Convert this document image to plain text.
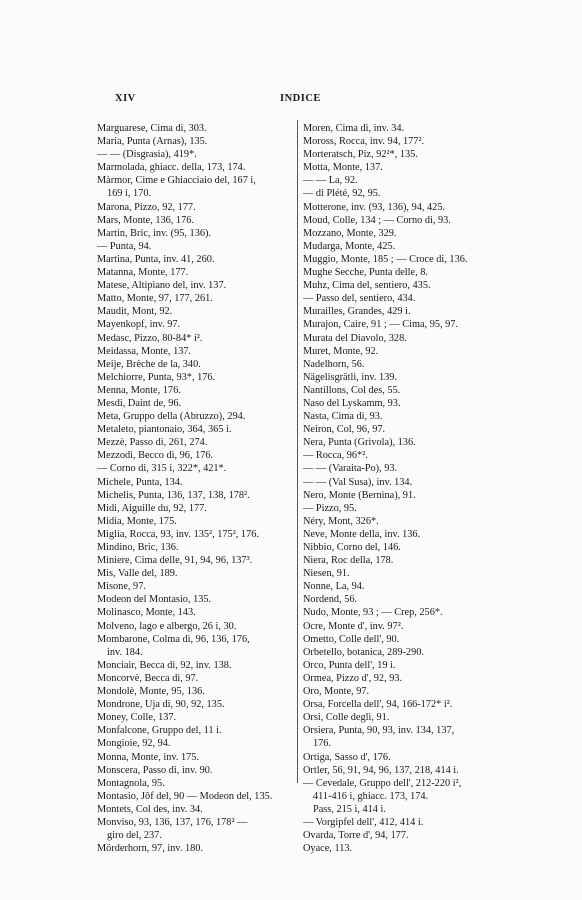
XIV	INDICE
Marguarese, Cima di, 303.
Maria, Punta (Arnas), 135.
— — (Disgrasia), 419*.
Marmolada, ghiacc. della, 173, 174.
Màrmor, Cime e Ghiacciaio del, 167 i,
169 i, 170.
Marona, Pizzo, 92, 177.
Mars, Monte, 136, 176.
Martin, Bric, inv. (95, 136).
— Punta, 94.
Martina, Punta, inv. 41, 260.
Matanna, Monte, 177.
Matese, Altipiano del, inv. 137.
Matto, Monte, 97, 177, 261.
Maudit, Mont, 92.
Mayenkopf, inv. 97.
Medasc, Pizzo, 80-84* i².
Meidassa, Monte, 137.
Meije, Brèche de la, 340.
Melchiorre, Punta, 93*, 176.
Menna, Monte, 176.
Mesdi, Daint de, 96.
Meta, Gruppo della (Abruzzo), 294.
Metaleto, piantonaio, 364, 365 i.
Mezzè, Passo di, 261, 274.
Mezzodì, Becco di, 96, 176.
— Corno di, 315 i, 322*, 421*.
Michele, Punta, 134.
Michelis, Punta, 136, 137, 138, 178².
Midi, Aiguille du, 92, 177.
Midia, Monte, 175.
Miglia, Rocca, 93, inv. 135², 175², 176.
Mindino, Bric, 136.
Miniere, Cima delle, 91, 94, 96, 137³.
Mis, Valle del, 189.
Misone, 97.
Modeon del Montasio, 135.
Molinasco, Monte, 143.
Molveno, lago e albergo, 26 i, 30.
Mombarone, Colma di, 96, 136, 176,
inv. 184.
Monciair, Becca di, 92, inv. 138.
Moncorvè, Becca di, 97.
Mondolè, Monte, 95, 136.
Mondrone, Uja di, 90, 92, 135.
Money, Colle, 137.
Monfalcone, Gruppo del, 11 i.
Mongioie, 92, 94.
Monna, Monte, inv. 175.
Monscera, Passo di, inv. 90.
Montagnola, 95.
Montasio, Jôf del, 90 — Modeon del, 135.
Montets, Col des, inv. 34.
Monviso, 93, 136, 137, 176, 178² —
giro del, 237.
Mörderhorn, 97, inv. 180.
Moren, Cima di, inv. 34.
Moross, Rocca, inv. 94, 177².
Morteratsch, Piz, 92²*, 135.
Motta, Monte, 137.
— — La, 92.
— di Plété, 92, 95.
Motterone, inv. (93, 136), 94, 425.
Moud, Colle, 134 ; — Corno di, 93.
Mozzano, Monte, 329.
Mudarga, Monte, 425.
Muggio, Monte, 185 ; — Croce di, 136.
Mughe Secche, Punta delle, 8.
Muhz, Cima del, sentiero, 435.
— Passo del, sentiero, 434.
Murailles, Grandes, 429 i.
Murajon, Caire, 91 ; — Cima, 95, 97.
Murata del Diavolo, 328.
Muret, Monte, 92.
Nadelhorn, 56.
Nägelisgrätli, inv. 139.
Nantillons, Col des, 55.
Naso del Lyskamm, 93.
Nasta, Cima di, 93.
Neiron, Col, 96, 97.
Nera, Punta (Grivola), 136.
— Rocca, 96*².
— — (Varaita-Po), 93.
— — (Val Susa), inv. 134.
Nero, Monte (Bernina), 91.
— Pizzo, 95.
Néry, Mont, 326*.
Neve, Monte della, inv. 136.
Nibbio, Corno del, 146.
Niera, Roc della, 178.
Niesen, 91.
Nonne, La, 94.
Nordend, 56.
Nudo, Monte, 93 ; — Crep, 256*.
Ocre, Monte d', inv. 97².
Ometto, Colle dell', 90.
Orbetello, botanica, 289-290.
Orco, Punta dell', 19 i.
Ormea, Pizzo d', 92, 93.
Oro, Monte, 97.
Orsa, Forcella dell', 94, 166-172* i².
Orsi, Colle degli, 91.
Orsiera, Punta, 90, 93, inv. 134, 137,
176.
Ortiga, Sasso d', 176.
Ortler, 56, 91, 94, 96, 137, 218, 414 i.
— Cevedale, Gruppo dell', 212-220 i²,
411-416 i, ghiacc. 173, 174.
Pass, 215 i, 414 i.
— Vorgipfel dell', 412, 414 i.
Ovarda, Torre d', 94, 177.
Oyace, 113.
